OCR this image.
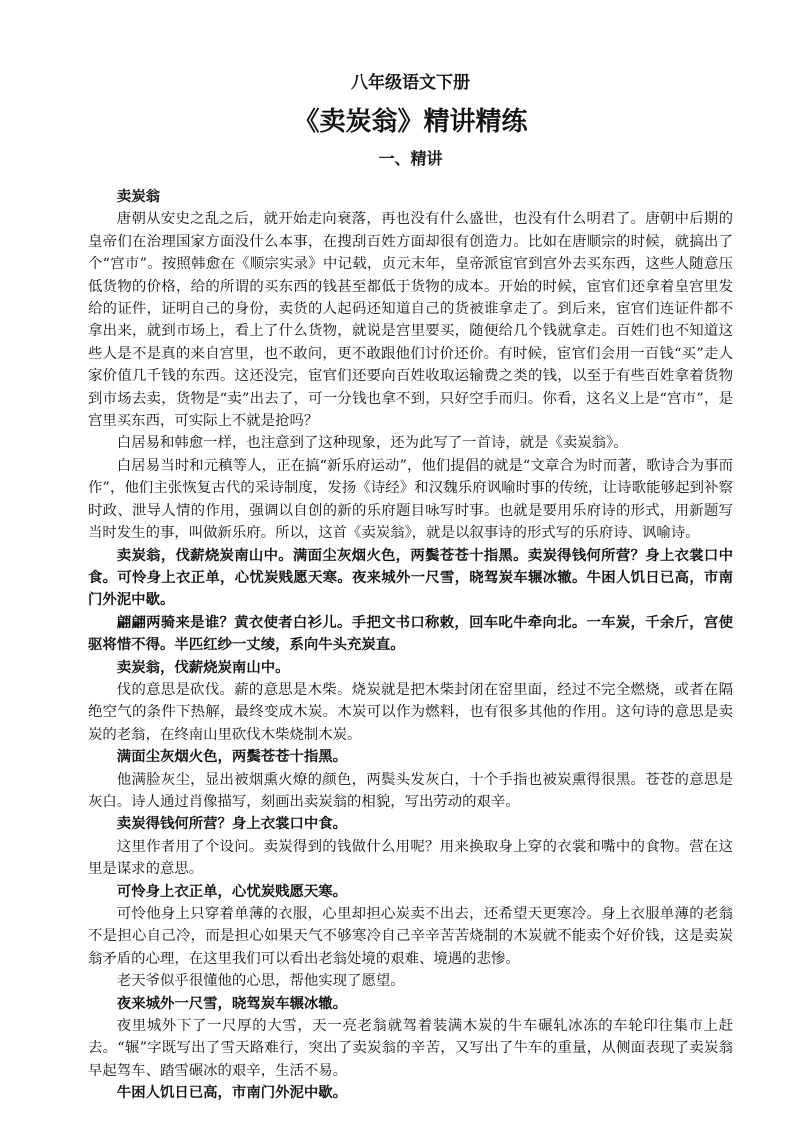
八年级语文下册
《卖炭翁》精讲精练
一、精讲

卖炭翁

唐朝从安史之乱之后，就开始走向衰落，再也没有什么盛世，也没有什么明君了。唐朝中后期的皇帝们在治理国家方面没什么本事，在搜刮百姓方面却很有创造力。比如在唐顺宗的时候，就搞出了个“宫市”。按照韩愈在《顺宗实录》中记载，贞元末年，皇帝派宦官到宫外去买东西，这些人随意压低货物的价格，给的所谓的买东西的钱甚至都低于货物的成本。开始的时候，宦官们还拿着皇宫里发给的证件，证明自己的身份，卖货的人起码还知道自己的货被谁拿走了。到后来，宦官们连证件都不拿出来，就到市场上，看上了什么货物，就说是宫里要买，随便给几个钱就拿走。百姓们也不知道这些人是不是真的来自宫里，也不敢问，更不敢跟他们讨价还价。有时候，宦官们会用一百钱“买”走人家价值几千钱的东西。这还没完，宦官们还要向百姓收取运输费之类的钱，以至于有些百姓拿着货物到市场去卖，货物是“卖”出去了，可一分钱也拿不到，只好空手而归。你看，这名义上是“宫市”，是宫里买东西，可实际上不就是抢吗？

白居易和韩愈一样，也注意到了这种现象，还为此写了一首诗，就是《卖炭翁》。

白居易当时和元稹等人，正在搞“新乐府运动”，他们提倡的就是“文章合为时而著，歌诗合为事而作”，他们主张恢复古代的采诗制度，发扬《诗经》和汉魏乐府讽喻时事的传统，让诗歌能够起到补察时政、泄导人情的作用，强调以自创的新的乐府题目咏写时事。也就是要用乐府诗的形式，用新题写当时发生的事，叫做新乐府。所以，这首《卖炭翁》，就是以叙事诗的形式写的乐府诗、讽喻诗。

卖炭翁，伐薪烧炭南山中。满面尘灰烟火色，两鬓苍苍十指黑。卖炭得钱何所营？身上衣裳口中食。可怜身上衣正单，心忧炭贱愿天寒。夜来城外一尺雪，晓驾炭车辗冰辙。牛困人饥日已高，市南门外泥中歇。

翩翩两骑来是谁？黄衣使者白衫儿。手把文书口称敕，回车叱牛牵向北。一车炭，千余斤，宫使驱将惜不得。半匹红纱一丈绫，系向牛头充炭直。

卖炭翁，伐薪烧炭南山中。

伐的意思是砍伐。薪的意思是木柴。烧炭就是把木柴封闭在窑里面，经过不完全燃烧，或者在隔绝空气的条件下热解，最终变成木炭。木炭可以作为燃料，也有很多其他的作用。这句诗的意思是卖炭的老翁，在终南山里砍伐木柴烧制木炭。

满面尘灰烟火色，两鬓苍苍十指黑。

他满脸灰尘，显出被烟熏火燎的颜色，两鬓头发灰白，十个手指也被炭熏得很黑。苍苍的意思是灰白。诗人通过肖像描写，刻画出卖炭翁的相貌，写出劳动的艰辛。

卖炭得钱何所营？身上衣裳口中食。

这里作者用了个设问。卖炭得到的钱做什么用呢？用来换取身上穿的衣裳和嘴中的食物。营在这里是谋求的意思。

可怜身上衣正单，心忧炭贱愿天寒。

可怜他身上只穿着单薄的衣服，心里却担心炭卖不出去，还希望天更寒冷。身上衣服单薄的老翁不是担心自己冷，而是担心如果天气不够寒冷自己辛辛苦苦烧制的木炭就不能卖个好价钱，这是卖炭翁矛盾的心理，在这里我们可以看出老翁处境的艰难、境遇的悲惨。

老天爷似乎很懂他的心思，帮他实现了愿望。

夜来城外一尺雪，晓驾炭车辗冰辙。

夜里城外下了一尺厚的大雪，天一亮老翁就驾着装满木炭的牛车碾轧冰冻的车轮印往集市上赶去。“辗”字既写出了雪天路难行，突出了卖炭翁的辛苦，又写出了牛车的重量，从侧面表现了卖炭翁早起驾车、踏雪碾冰的艰辛，生活不易。

牛困人饥日已高，市南门外泥中歇。
